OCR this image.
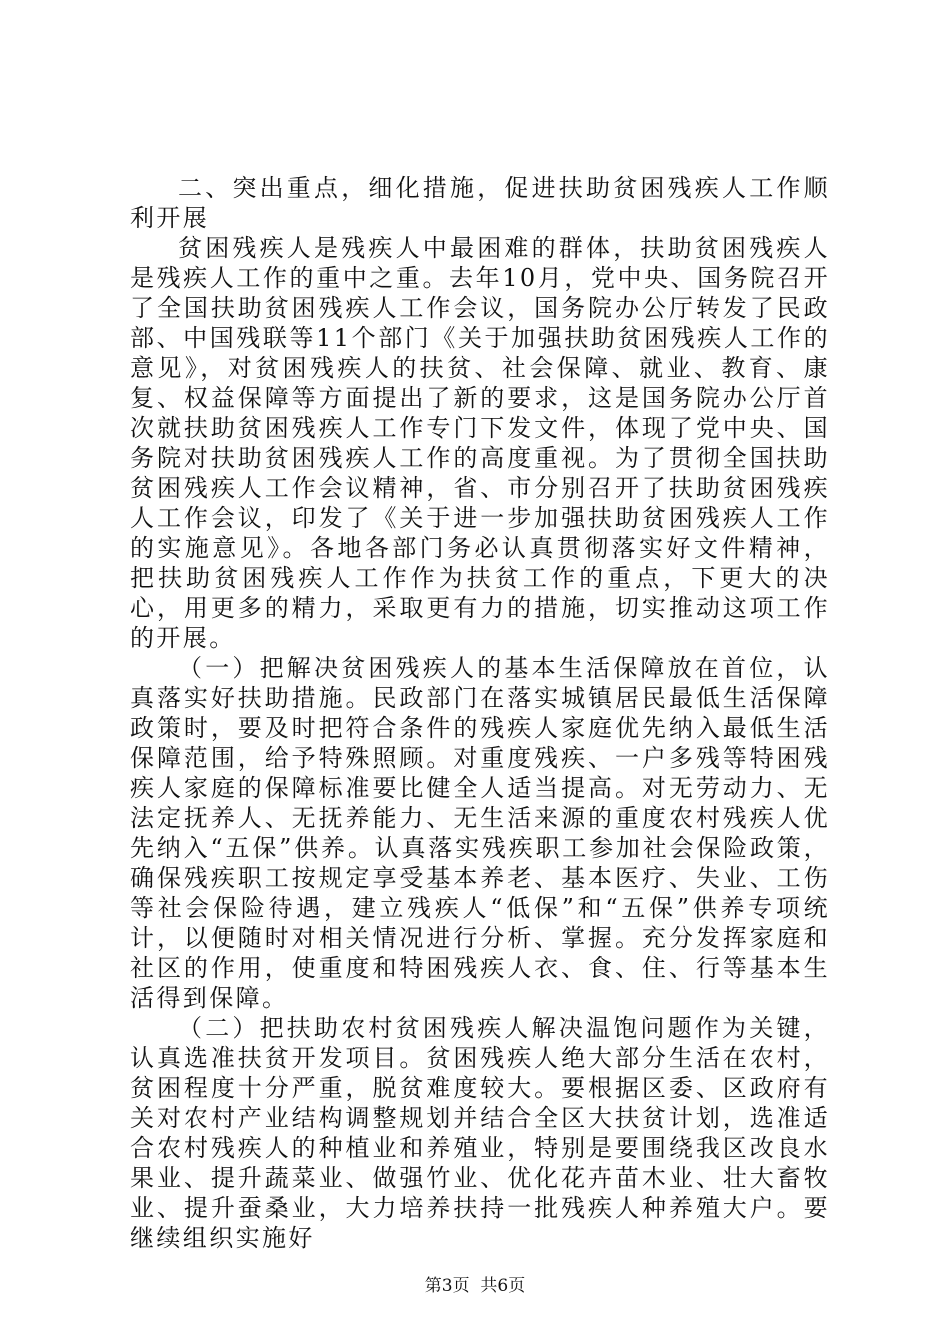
二、突出重点，细化措施，促进扶助贫困残疾人工作顺利开展

贫困残疾人是残疾人中最困难的群体，扶助贫困残疾人是残疾人工作的重中之重。去年10月，党中央、国务院召开了全国扶助贫困残疾人工作会议，国务院办公厅转发了民政部、中国残联等11个部门《关于加强扶助贫困残疾人工作的意见》，对贫困残疾人的扶贫、社会保障、就业、教育、康复、权益保障等方面提出了新的要求，这是国务院办公厅首次就扶助贫困残疾人工作专门下发文件，体现了党中央、国务院对扶助贫困残疾人工作的高度重视。为了贯彻全国扶助贫困残疾人工作会议精神，省、市分别召开了扶助贫困残疾人工作会议，印发了《关于进一步加强扶助贫困残疾人工作的实施意见》。各地各部门务必认真贯彻落实好文件精神，把扶助贫困残疾人工作作为扶贫工作的重点，下更大的决心，用更多的精力，采取更有力的措施，切实推动这项工作的开展。

（一）把解决贫困残疾人的基本生活保障放在首位，认真落实好扶助措施。民政部门在落实城镇居民最低生活保障政策时，要及时把符合条件的残疾人家庭优先纳入最低生活保障范围，给予特殊照顾。对重度残疾、一户多残等特困残疾人家庭的保障标准要比健全人适当提高。对无劳动力、无法定抚养人、无抚养能力、无生活来源的重度农村残疾人优先纳入“五保”供养。认真落实残疾职工参加社会保险政策，确保残疾职工按规定享受基本养老、基本医疗、失业、工伤等社会保险待遇，建立残疾人“低保”和“五保”供养专项统计，以便随时对相关情况进行分析、掌握。充分发挥家庭和社区的作用，使重度和特困残疾人衣、食、住、行等基本生活得到保障。

（二）把扶助农村贫困残疾人解决温饱问题作为关键，认真选准扶贫开发项目。贫困残疾人绝大部分生活在农村，贫困程度十分严重，脱贫难度较大。要根据区委、区政府有关对农村产业结构调整规划并结合全区大扶贫计划，选准适合农村残疾人的种植业和养殖业，特别是要围绕我区改良水果业、提升蔬菜业、做强竹业、优化花卉苗木业、壮大畜牧业、提升蚕桑业，大力培养扶持一批残疾人种养殖大户。要继续组织实施好

第3页  共6页
